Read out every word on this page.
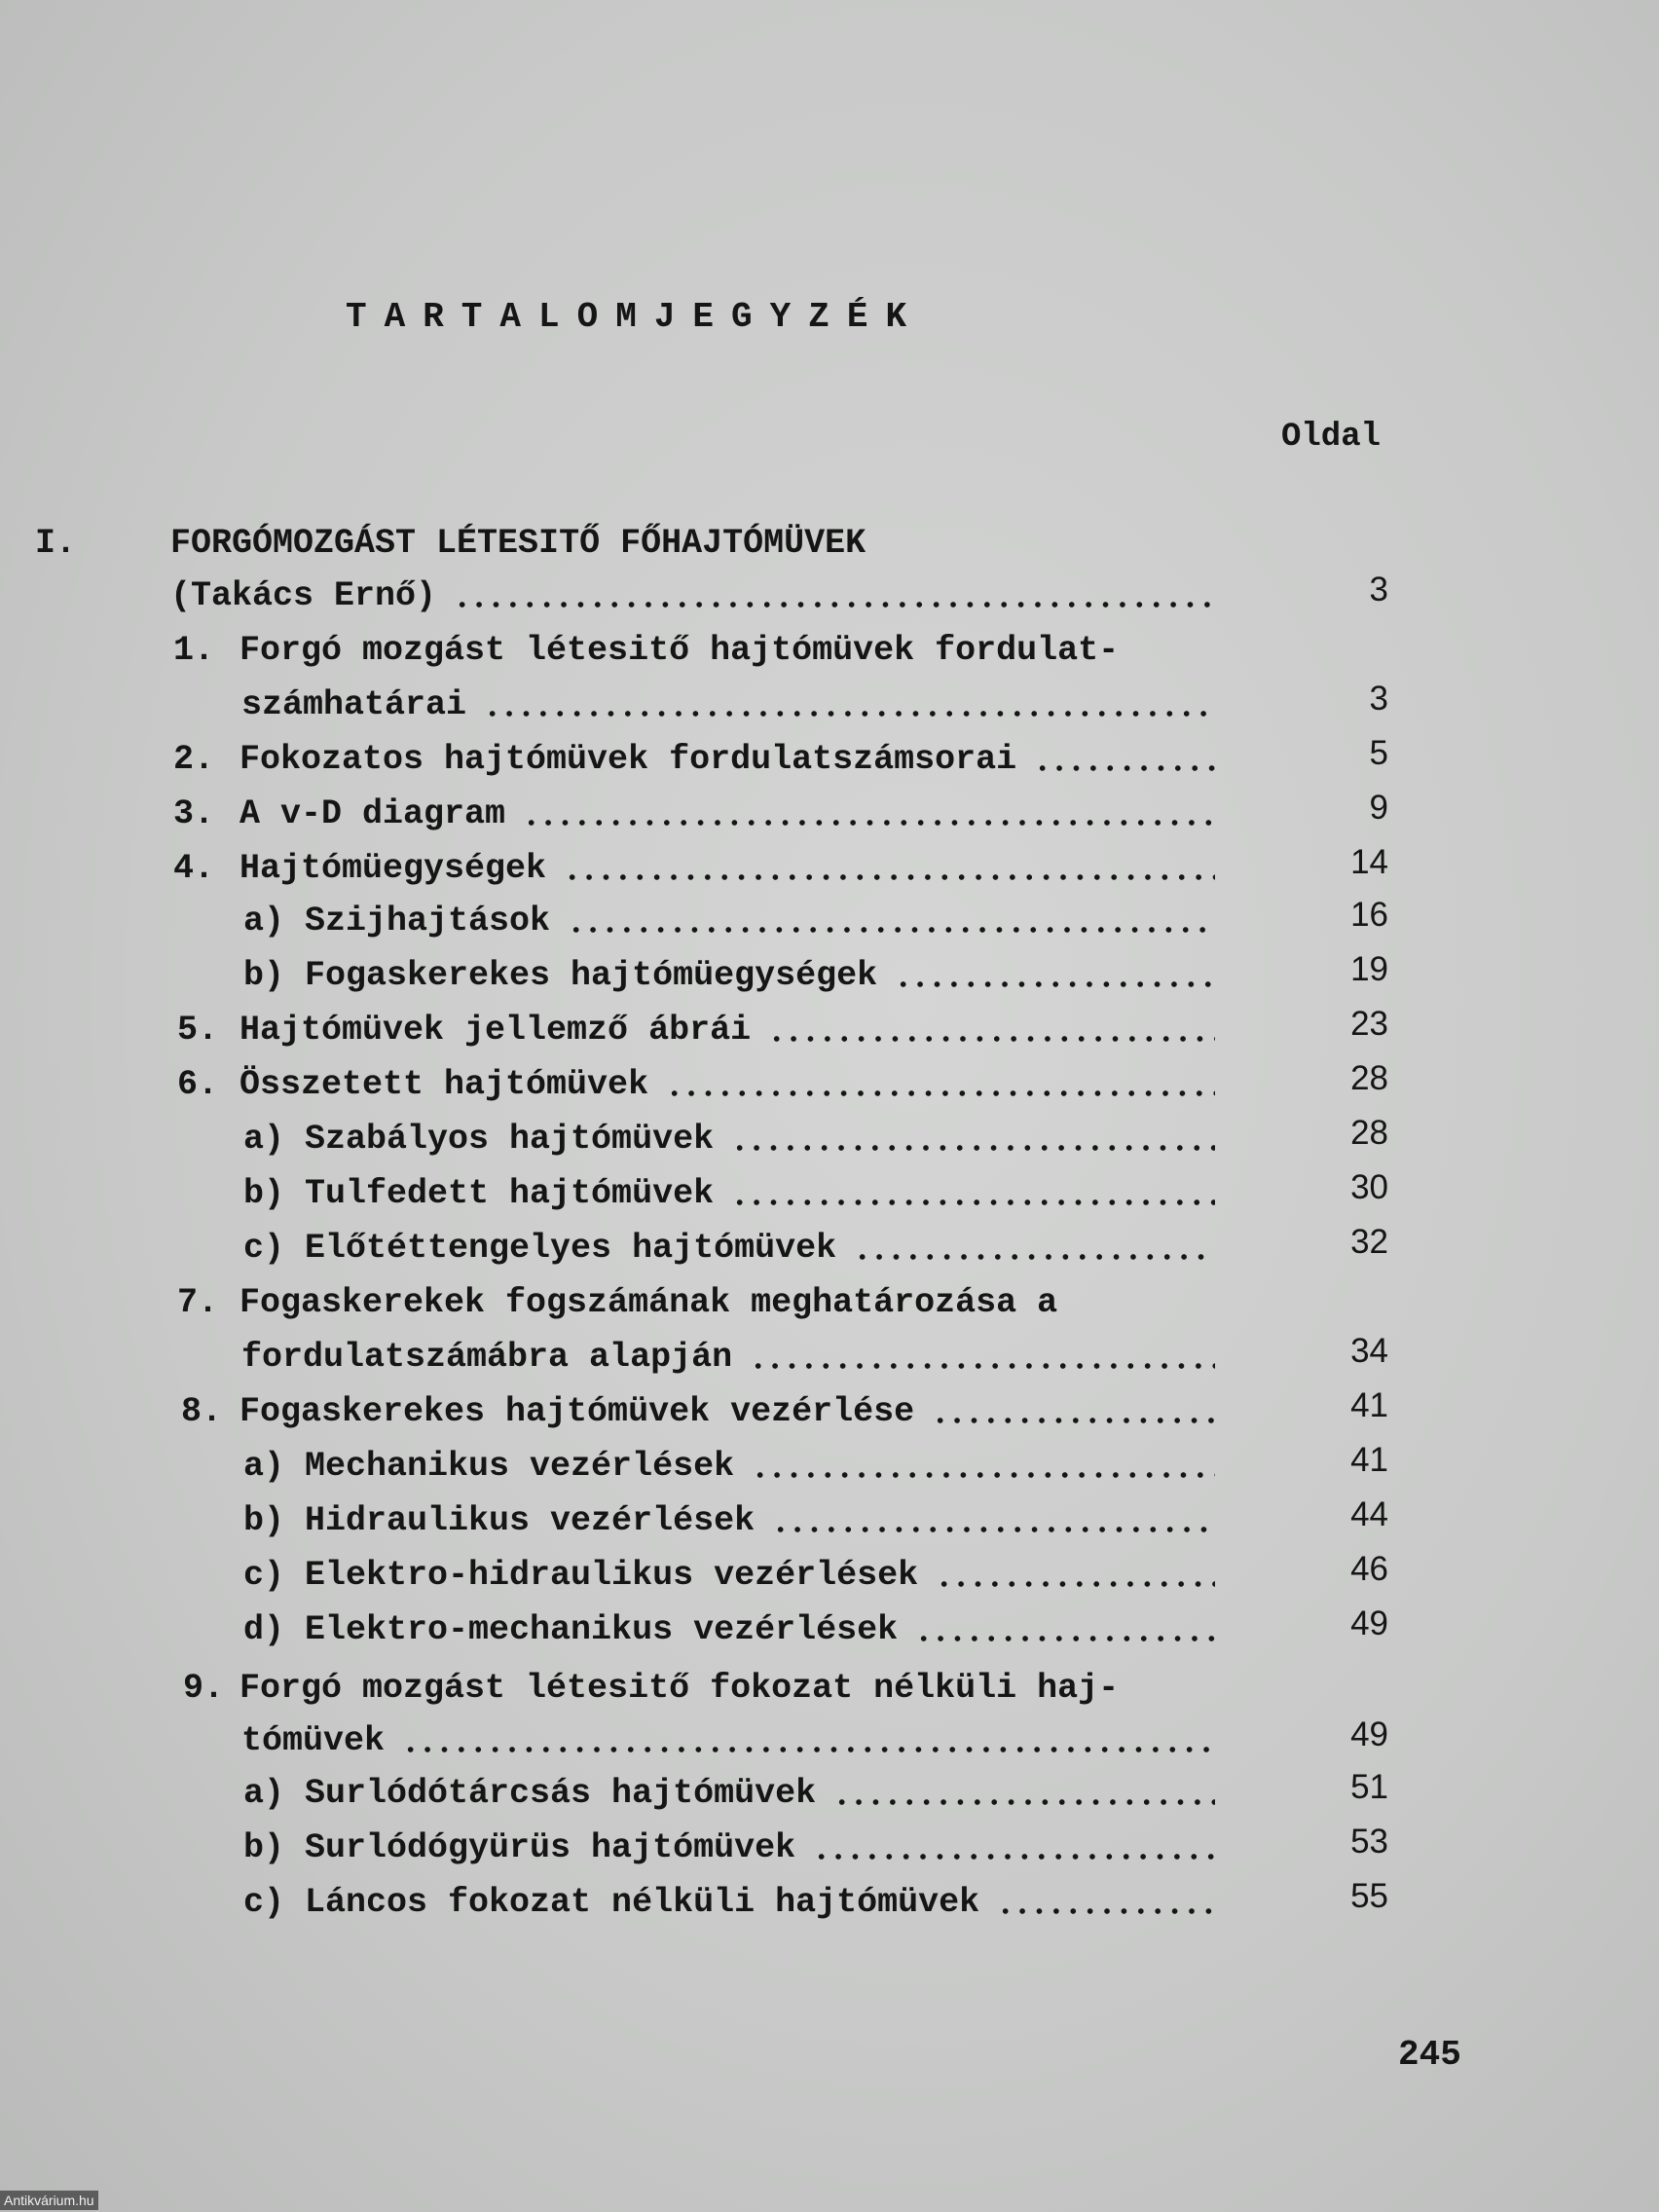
TARTALOMJEGYZÉK
Oldal
I.	FORGÓMOZGÁST LÉTESITŐ FŐHAJTÓMÜVEK
(Takács Ernő)	3
1. Forgó mozgást létesitő hajtómüvek fordulat-
számhatárai	3
2. Fokozatos hajtómüvek fordulatszámsorai	5
3. A v-D diagram	9
4. Hajtómüegységek	14
a) Szijhajtások	16
b) Fogaskerekes hajtómüegységek	19
5. Hajtómüvek jellemző ábrái	23
6. Összetett hajtómüvek	28
a) Szabályos hajtómüvek	28
b) Tulfedett hajtómüvek	30
c) Előtéttengelyes hajtómüvek	32
7. Fogaskerekek fogszámának meghatározása a
fordulatszámábra alapján	34
8. Fogaskerekes hajtómüvek vezérlése	41
a) Mechanikus vezérlések	41
b) Hidraulikus vezérlések	44
c) Elektro-hidraulikus vezérlések	46
d) Elektro-mechanikus vezérlések	49
9. Forgó mozgást létesitő fokozat nélküli haj-
tómüvek	49
a) Surlódótárcsás hajtómüvek	51
b) Surlódógyürüs hajtómüvek	53
c) Láncos fokozat nélküli hajtómüvek	55
245
Antikvárium.hu
